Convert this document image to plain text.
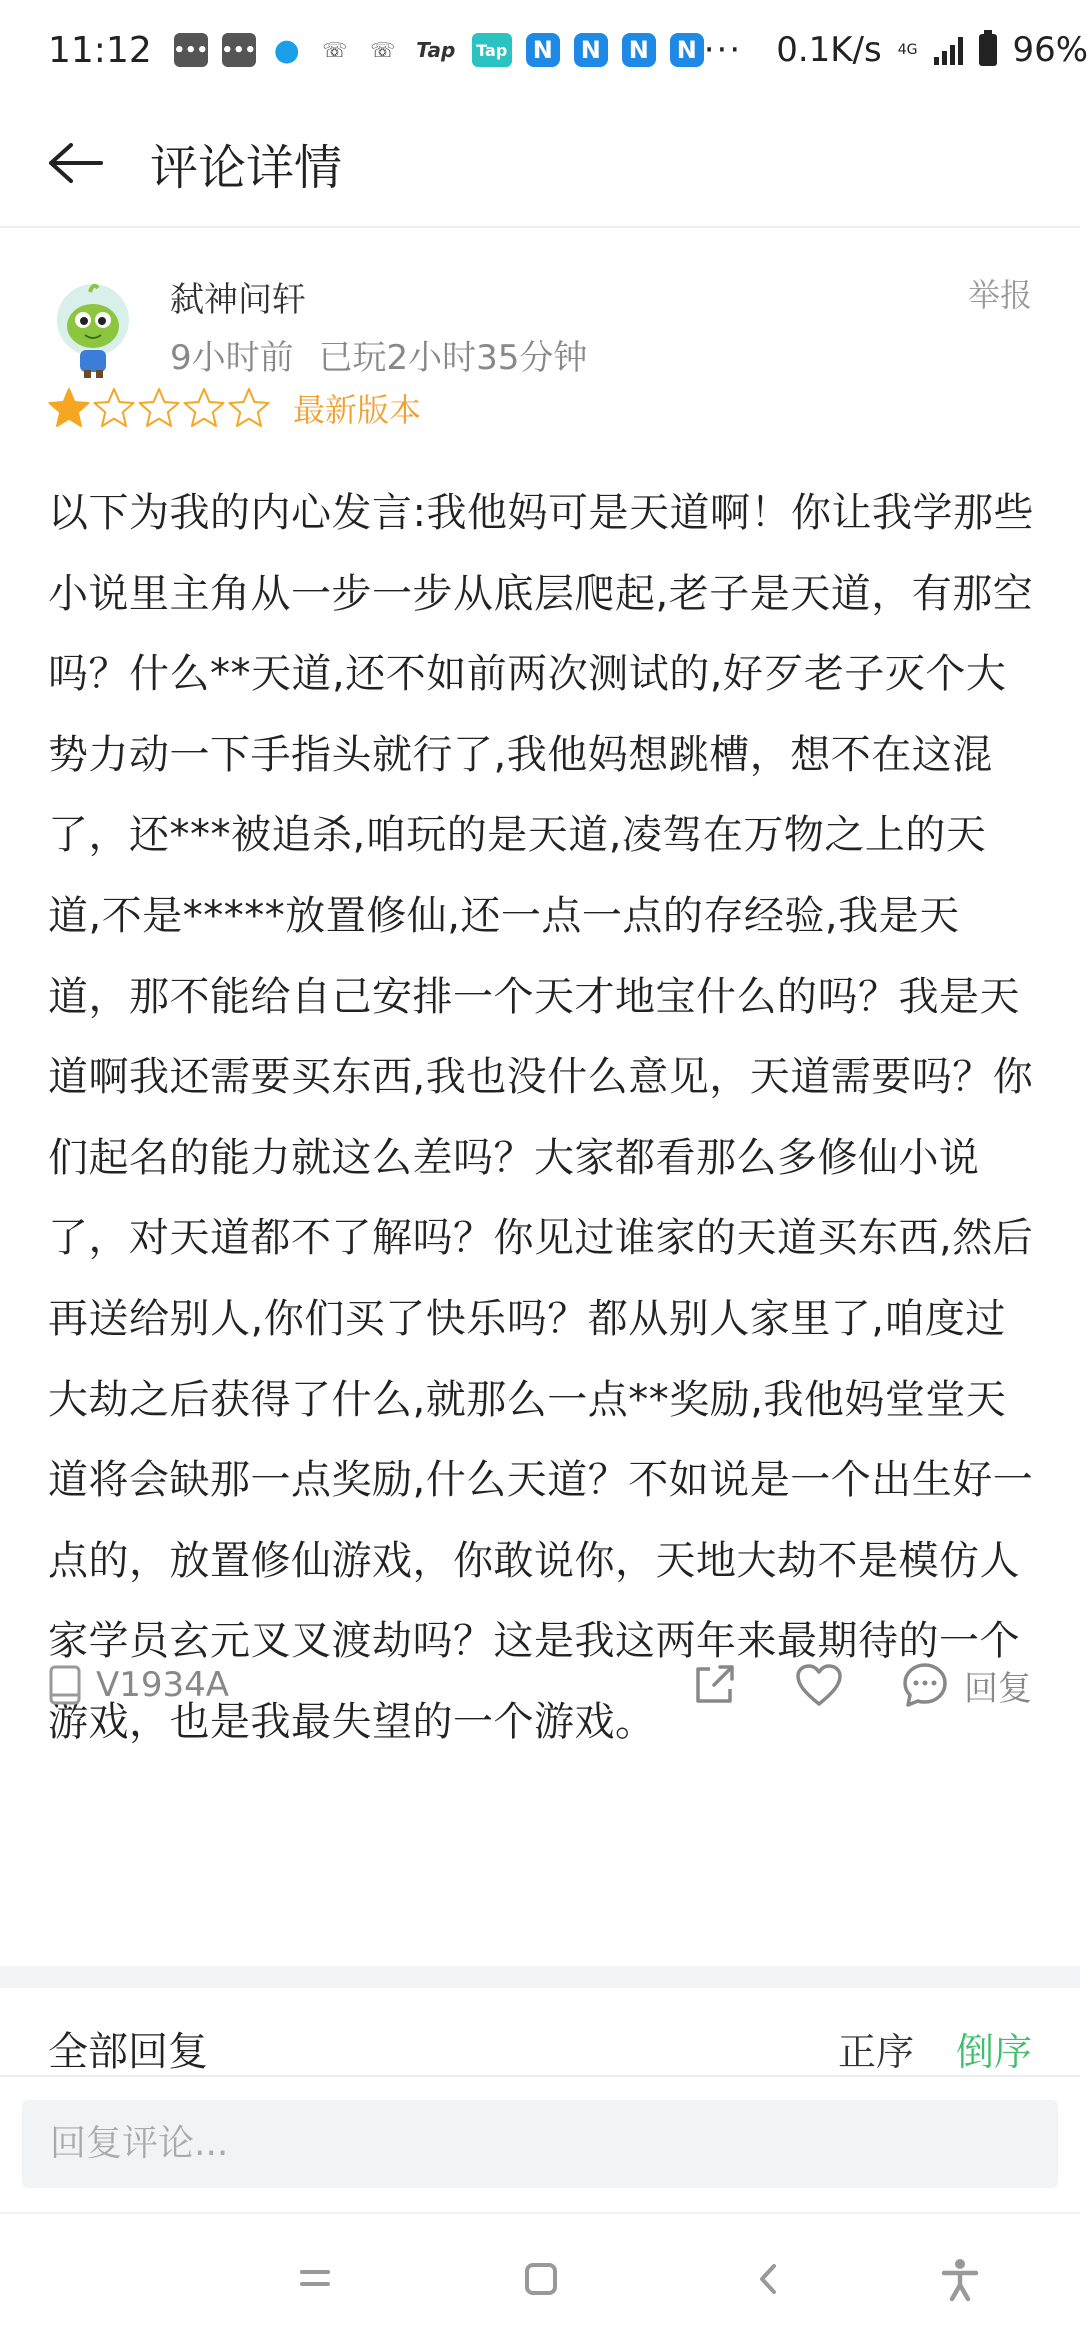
11:12 ••• ••• ● ☏ ☏ Tap Tap N N N N ··· 0.1K/s 4G	96%
评论详情
弑神问轩
9小时前 已玩2小时35分钟
举报
最新版本
以下为我的内心发言:我他妈可是天道啊！你让我学那些小说里主角从一步一步从底层爬起,老子是天道，有那空吗？什么**天道,还不如前两次测试的,好歹老子灭个大势力动一下手指头就行了,我他妈想跳槽，想不在这混了，还***被追杀,咱玩的是天道,凌驾在万物之上的天道,不是*****放置修仙,还一点一点的存经验,我是天道，那不能给自己安排一个天才地宝什么的吗？我是天道啊我还需要买东西,我也没什么意见，天道需要吗？你们起名的能力就这么差吗？大家都看那么多修仙小说了，对天道都不了解吗？你见过谁家的天道买东西,然后再送给别人,你们买了快乐吗？都从别人家里了,咱度过大劫之后获得了什么,就那么一点**奖励,我他妈堂堂天道将会缺那一点奖励,什么天道？不如说是一个出生好一点的，放置修仙游戏，你敢说你，天地大劫不是模仿人家学员玄元叉叉渡劫吗？这是我这两年来最期待的一个游戏，也是我最失望的一个游戏。
V1934A	回复
全部回复	正序 倒序
回复评论...
